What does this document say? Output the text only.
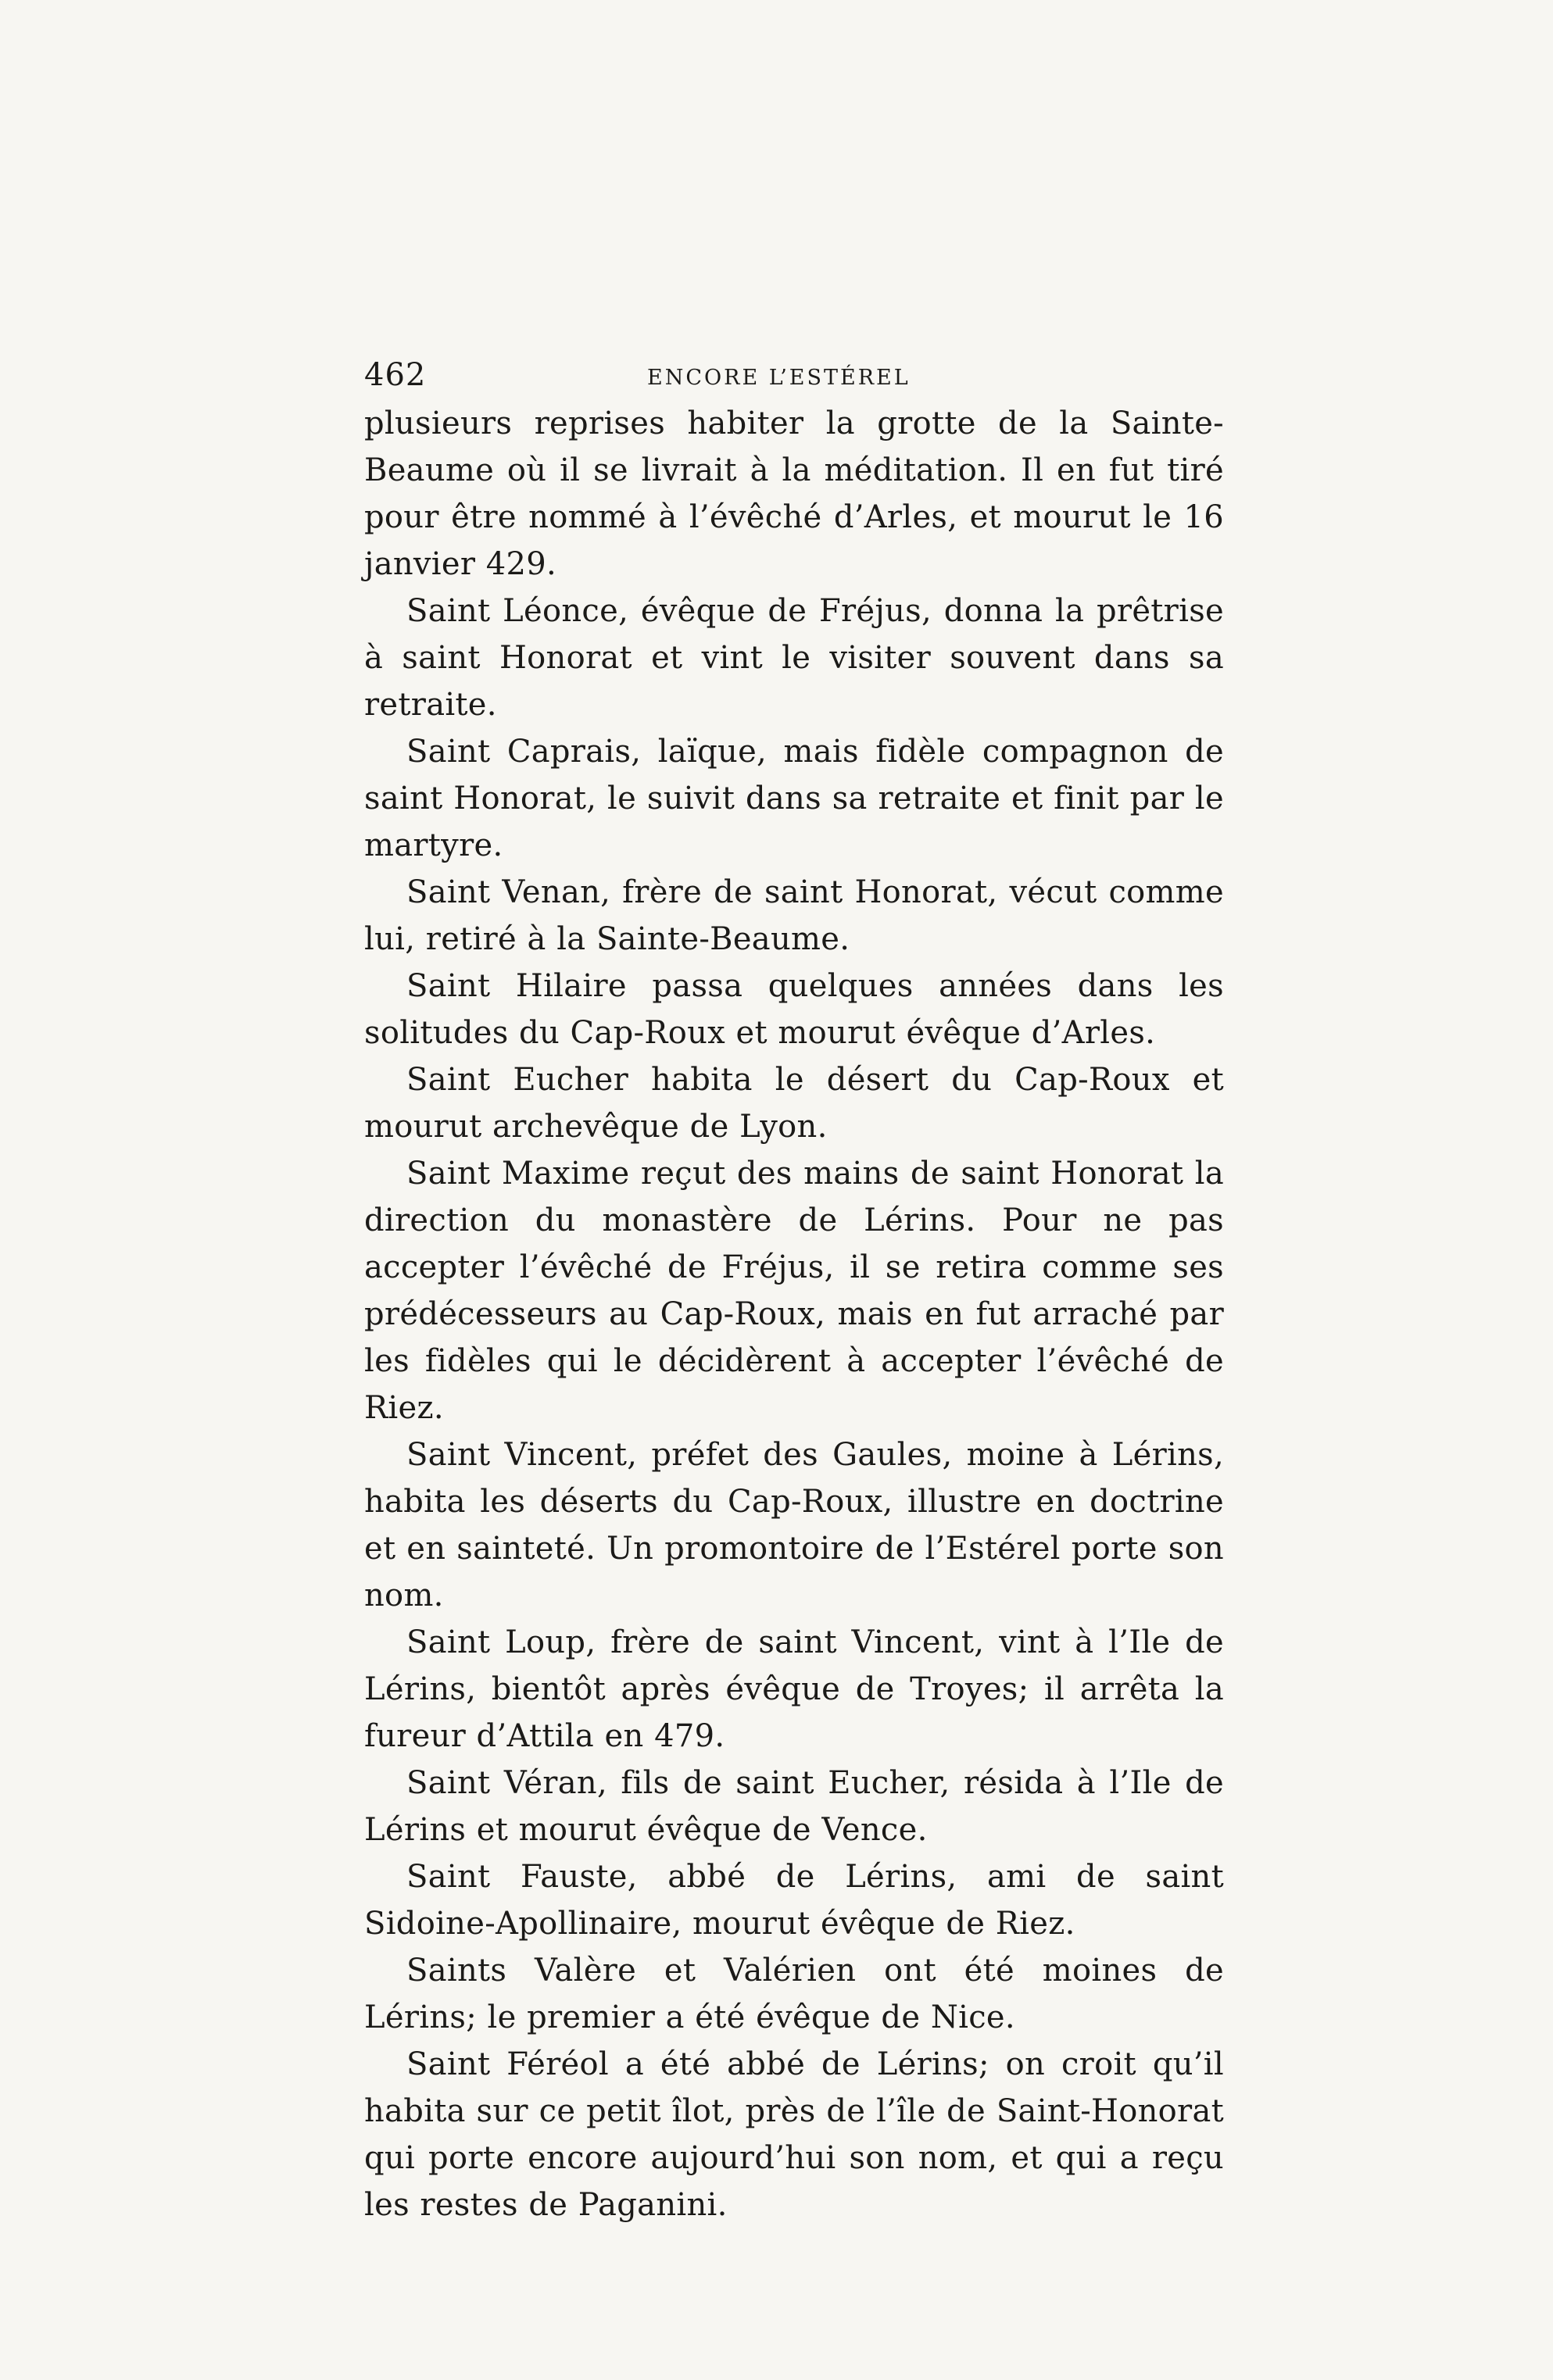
462	ENCORE L’ESTÉREL

plusieurs reprises habiter la grotte de la Sainte-Beaume où il se livrait à la méditation. Il en fut tiré pour être nommé à l’évêché d’Arles, et mourut le 16 janvier 429.

Saint Léonce, évêque de Fréjus, donna la prêtrise à saint Honorat et vint le visiter souvent dans sa retraite.

Saint Caprais, laïque, mais fidèle compagnon de saint Honorat, le suivit dans sa retraite et finit par le martyre.

Saint Venan, frère de saint Honorat, vécut comme lui, retiré à la Sainte-Beaume.

Saint Hilaire passa quelques années dans les solitudes du Cap-Roux et mourut évêque d’Arles.

Saint Eucher habita le désert du Cap-Roux et mourut archevêque de Lyon.

Saint Maxime reçut des mains de saint Honorat la direction du monastère de Lérins. Pour ne pas accepter l’évêché de Fréjus, il se retira comme ses prédécesseurs au Cap-Roux, mais en fut arraché par les fidèles qui le décidèrent à accepter l’évêché de Riez.

Saint Vincent, préfet des Gaules, moine à Lérins, habita les déserts du Cap-Roux, illustre en doctrine et en sainteté. Un promontoire de l’Estérel porte son nom.

Saint Loup, frère de saint Vincent, vint à l’Ile de Lérins, bientôt après évêque de Troyes; il arrêta la fureur d’Attila en 479.

Saint Véran, fils de saint Eucher, résida à l’Ile de Lérins et mourut évêque de Vence.

Saint Fauste, abbé de Lérins, ami de saint Sidoine-Apollinaire, mourut évêque de Riez.

Saints Valère et Valérien ont été moines de Lérins; le premier a été évêque de Nice.

Saint Féréol a été abbé de Lérins; on croit qu’il habita sur ce petit îlot, près de l’île de Saint-Honorat qui porte encore aujourd’hui son nom, et qui a reçu les restes de Paganini.
